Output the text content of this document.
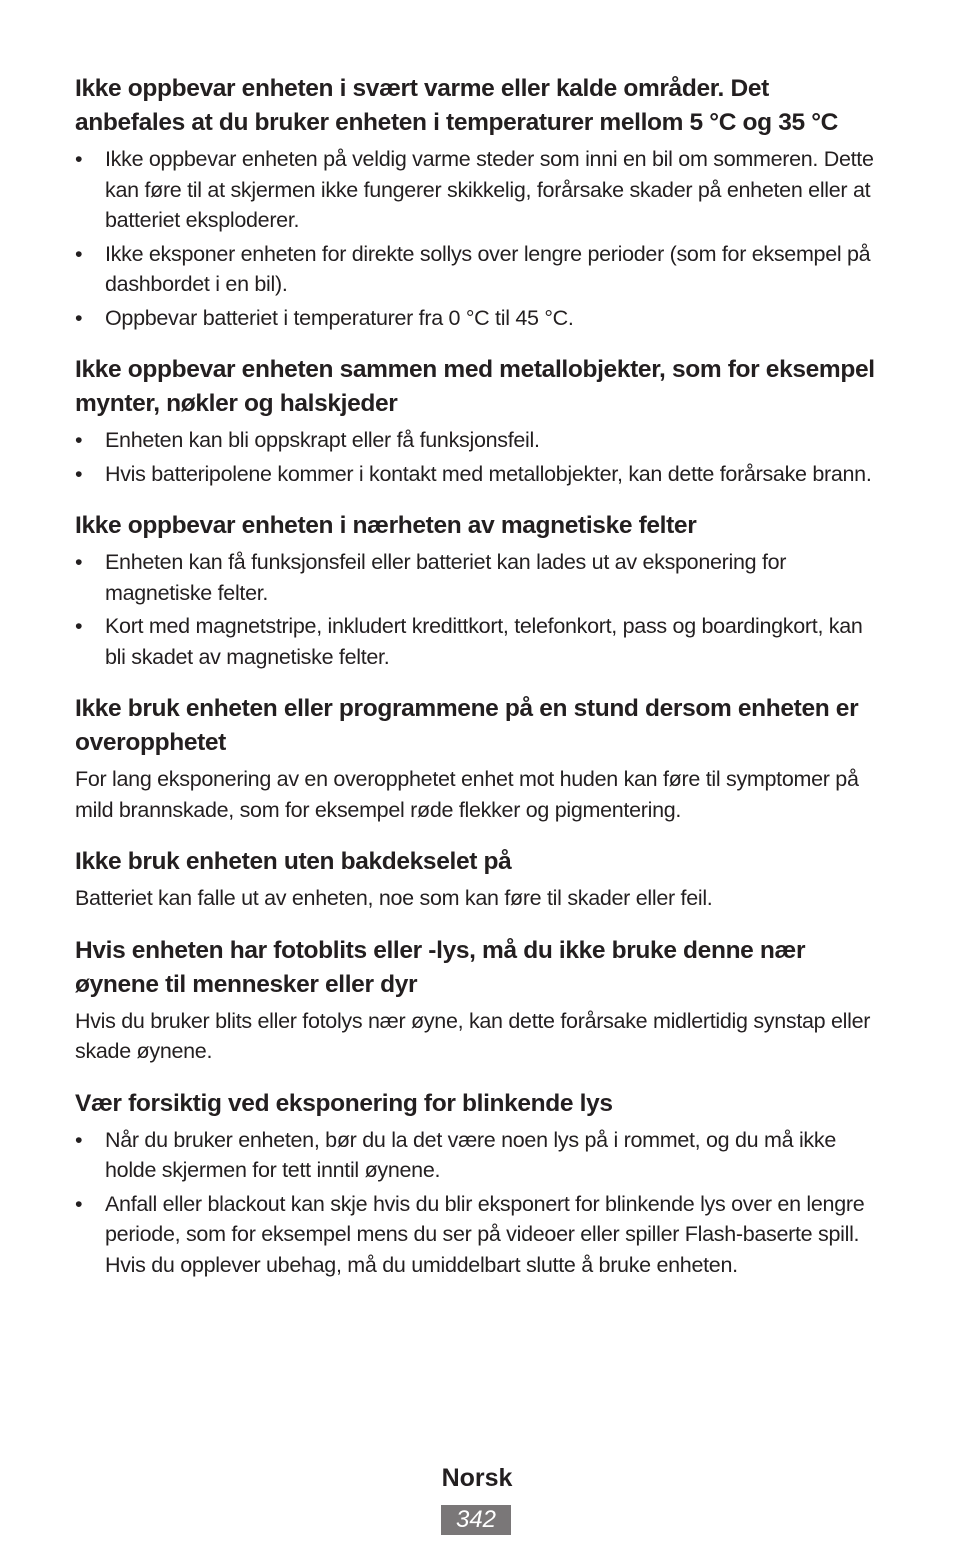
Ikke oppbevar enheten i svært varme eller kalde områder. Det anbefales at du bruker enheten i temperaturer mellom 5 °C og 35 °C
• Ikke oppbevar enheten på veldig varme steder som inni en bil om sommeren. Dette kan føre til at skjermen ikke fungerer skikkelig, forårsake skader på enheten eller at batteriet eksploderer.
• Ikke eksponer enheten for direkte sollys over lengre perioder (som for eksempel på dashbordet i en bil).
• Oppbevar batteriet i temperaturer fra 0 °C til 45 °C.
Ikke oppbevar enheten sammen med metallobjekter, som for eksempel mynter, nøkler og halskjeder
• Enheten kan bli oppskrapt eller få funksjonsfeil.
• Hvis batteripolene kommer i kontakt med metallobjekter, kan dette forårsake brann.
Ikke oppbevar enheten i nærheten av magnetiske felter
• Enheten kan få funksjonsfeil eller batteriet kan lades ut av eksponering for magnetiske felter.
• Kort med magnetstripe, inkludert kredittkort, telefonkort, pass og boardingkort, kan bli skadet av magnetiske felter.
Ikke bruk enheten eller programmene på en stund dersom enheten er overopphetet

For lang eksponering av en overopphetet enhet mot huden kan føre til symptomer på mild brannskade, som for eksempel røde flekker og pigmentering.

Ikke bruk enheten uten bakdekselet på

Batteriet kan falle ut av enheten, noe som kan føre til skader eller feil.

Hvis enheten har fotoblits eller -lys, må du ikke bruke denne nær øynene til mennesker eller dyr

Hvis du bruker blits eller fotolys nær øyne, kan dette forårsake midlertidig synstap eller skade øynene.

Vær forsiktig ved eksponering for blinkende lys
• Når du bruker enheten, bør du la det være noen lys på i rommet, og du må ikke holde skjermen for tett inntil øynene.
• Anfall eller blackout kan skje hvis du blir eksponert for blinkende lys over en lengre periode, som for eksempel mens du ser på videoer eller spiller Flash-baserte spill. Hvis du opplever ubehag, må du umiddelbart slutte å bruke enheten.
Norsk
342
